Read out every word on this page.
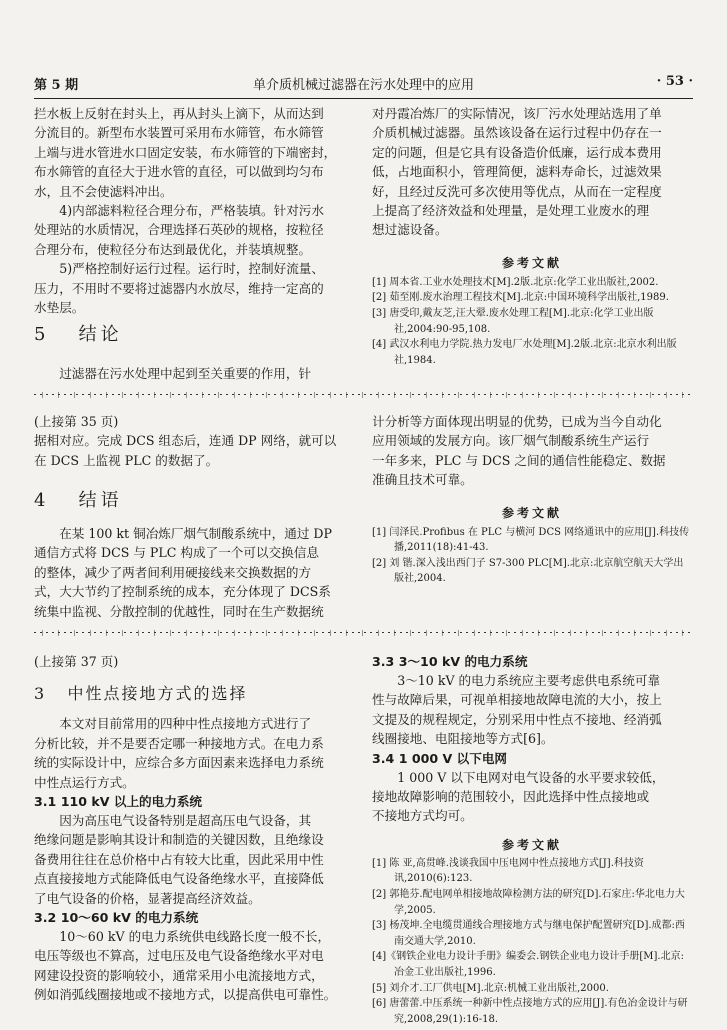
第 5 期	单介质机械过滤器在污水处理中的应用	· 53 ·

拦水板上反射在封头上，再从封头上滴下，从而达到

分流目的。新型布水装置可采用布水筛管，布水筛管

上端与进水管进水口固定安装，布水筛管的下端密封，

布水筛管的直径大于进水管的直径，可以做到均匀布

水，且不会使滤料冲出。

4)内部滤料粒径合理分布，严格装填。针对污水

处理站的水质情况，合理选择石英砂的规格，按粒径

合理分布，使粒径分布达到最优化，并装填规整。

5)严格控制好运行过程。运行时，控制好流量、

压力，不用时不要将过滤器内水放尽，维持一定高的

水垫层。

5 结论

过滤器在污水处理中起到至关重要的作用，针

对丹霞冶炼厂的实际情况，该厂污水处理站选用了单

介质机械过滤器。虽然该设备在运行过程中仍存在一

定的问题，但是它具有设备造价低廉，运行成本费用

低，占地面积小，管理简便，滤料寿命长，过滤效果

好，且经过反洗可多次使用等优点，从而在一定程度

上提高了经济效益和处理量，是处理工业废水的理

想过滤设备。

参考文献

[1] 周本省.工业水处理技术[M].2版.北京:化学工业出版社,2002.

[2] 茹至刚.废水治理工程技术[M].北京:中国环境科学出版社,1989.

[3] 唐受印,戴友芝,汪大翚.废水处理工程[M].北京:化学工业出版社,2004:90-95,108.

[4] 武汉水利电力学院.热力发电厂水处理[M].2版.北京:北京水利出版社,1984.

(上接第 35 页)

据相对应。完成 DCS 组态后，连通 DP 网络，就可以

在 DCS 上监视 PLC 的数据了。

4 结语

在某 100 kt 铜冶炼厂烟气制酸系统中，通过 DP

通信方式将 DCS 与 PLC 构成了一个可以交换信息

的整体，减少了两者间利用硬接线来交换数据的方

式，大大节约了控制系统的成本，充分体现了 DCS系

统集中监视、分散控制的优越性，同时在生产数据统

计分析等方面体现出明显的优势，已成为当今自动化

应用领域的发展方向。该厂烟气制酸系统生产运行

一年多来，PLC 与 DCS 之间的通信性能稳定、数据

准确且技术可靠。

参考文献

[1] 闫泽民.Profibus 在 PLC 与横河 DCS 网络通讯中的应用[J].科技传播,2011(18):41-43.

[2] 刘 锴.深入浅出西门子 S7-300 PLC[M].北京:北京航空航天大学出版社,2004.

(上接第 37 页)

3 中性点接地方式的选择

本文对目前常用的四种中性点接地方式进行了

分析比较，并不是要否定哪一种接地方式。在电力系

统的实际设计中，应综合多方面因素来选择电力系统

中性点运行方式。

3.1 110 kV 以上的电力系统

因为高压电气设备特别是超高压电气设备，其

绝缘问题是影响其设计和制造的关键因数，且绝缘设

备费用往往在总价格中占有较大比重，因此采用中性

点直接接地方式能降低电气设备绝缘水平，直接降低

了电气设备的价格，显著提高经济效益。

3.2 10～60 kV 的电力系统

10～60 kV 的电力系统供电线路长度一般不长，

电压等级也不算高，过电压及电气设备绝缘水平对电

网建设投资的影响较小，通常采用小电流接地方式，

例如消弧线圈接地或不接地方式，以提高供电可靠性。

3.3 3～10 kV 的电力系统

3～10 kV 的电力系统应主要考虑供电系统可靠

性与故障后果，可视单相接地故障电流的大小，按上

文提及的规程规定，分别采用中性点不接地、经消弧

线圈接地、电阻接地等方式[6]。

3.4 1 000 V 以下电网

1 000 V 以下电网对电气设备的水平要求较低，

接地故障影响的范围较小，因此选择中性点接地或

不接地方式均可。

参考文献

[1] 陈 亚,高贯峰.浅谈我国中压电网中性点接地方式[J].科技资讯,2010(6):123.

[2] 郭艳芬.配电网单相接地故障检测方法的研究[D].石家庄:华北电力大学,2005.

[3] 杨茂坤.全电缆贯通线合理接地方式与继电保护配置研究[D].成都:西南交通大学,2010.

[4]《钢铁企业电力设计手册》编委会.钢铁企业电力设计手册[M].北京:冶金工业出版社,1996.

[5] 刘介才.工厂供电[M].北京:机械工业出版社,2000.

[6] 唐蕾蕾.中压系统一种新中性点接地方式的应用[J].有色冶金设计与研究,2008,29(1):16-18.
